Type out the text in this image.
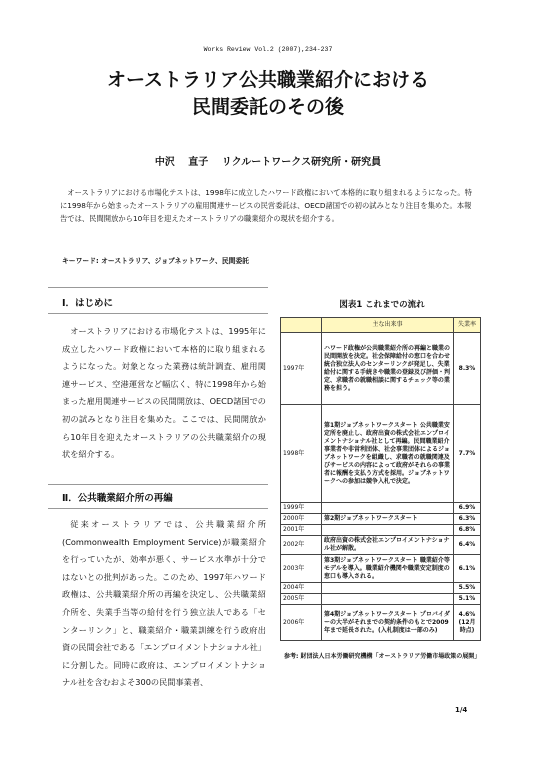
Works Review Vol.2 (2007),234-237
オーストラリア公共職業紹介における
民間委託のその後
中沢 直子 リクルートワークス研究所・研究員
オーストラリアにおける市場化テストは、1998年に成立したハワード政権において本格的に取り組まれるようになった。特に1998年から始まったオーストラリアの雇用関連サービスの民営委託は、OECD諸国での初の試みとなり注目を集めた。本報告では、民間開放から10年目を迎えたオーストラリアの職業紹介の現状を紹介する。
キーワード: オーストラリア、ジョブネットワーク、民間委託
Ⅰ．はじめに
オーストラリアにおける市場化テストは、1995年に成立したハワード政権において本格的に取り組まれるようになった。対象となった業務は統計調査、雇用関連サービス、空港運営など幅広く、特に1998年から始まった雇用関連サービスの民間開放は、OECD諸国での初の試みとなり注目を集めた。ここでは、民間開放から10年目を迎えたオーストラリアの公共職業紹介の現状を紹介する。
Ⅱ．公共職業紹介所の再編
従来オーストラリアでは、公共職業紹介所(Commonwealth Employment Service)が職業紹介を行っていたが、効率が悪く、サービス水準が十分ではないとの批判があった。このため、1997年ハワード政権は、公共職業紹介所の再編を決定し、公共職業紹介所を、失業手当等の給付を行う独立法人である「センターリンク」と、職業紹介・職業訓練を行う政府出資の民間会社である「エンプロイメントナショナル社」に分割した。同時に政府は、エンプロイメントナショナル社を含むおよそ300の民間事業者、
図表1 これまでの流れ
	主な出来事	失業率
1997年	ハワード政権が公共職業紹介所の再編と職業の民間開放を決定。社会保障給付の窓口を合わせ統合独立法人のセンターリンクが発足し、失業給付に関する手続きや職業の登録及び評価・判定、求職者の就職相談に関するチェック等の業務を担う。	8.3%
1998年	第1期ジョブネットワークスタート 公共職業安定所を廃止し、政府出資の株式会社エンプロイメントナショナル社として再編。民間職業紹介事業者や非営利団体、社会事業団体によるジョブネットワークを組織し、求職者の就職関連及びサービスの内容によって政府がそれらの事業者に報酬を支払う方式を採用。ジョブネットワークへの参加は競争入札で決定。	7.7%
1999年		6.9%
2000年	第2期ジョブネットワークスタート	6.3%
2001年		6.8%
2002年	政府出資の株式会社エンプロイメントナショナル社が解散。	6.4%
2003年	第3期ジョブネットワークスタート 職業紹介等モデルを導入。職業紹介機関や職業安定制度の窓口も導入される。	6.1%
2004年		5.5%
2005年		5.1%
2006年	第4期ジョブネットワークスタート プロバイダーの大半がそれまでの契約条件のもとで2009年まで延長された。(入札制度は一部のみ)	4.6% (12月時点)
参考: 財団法人日本労働研究機構「オーストラリア労働市場政策の展開」
1/4
